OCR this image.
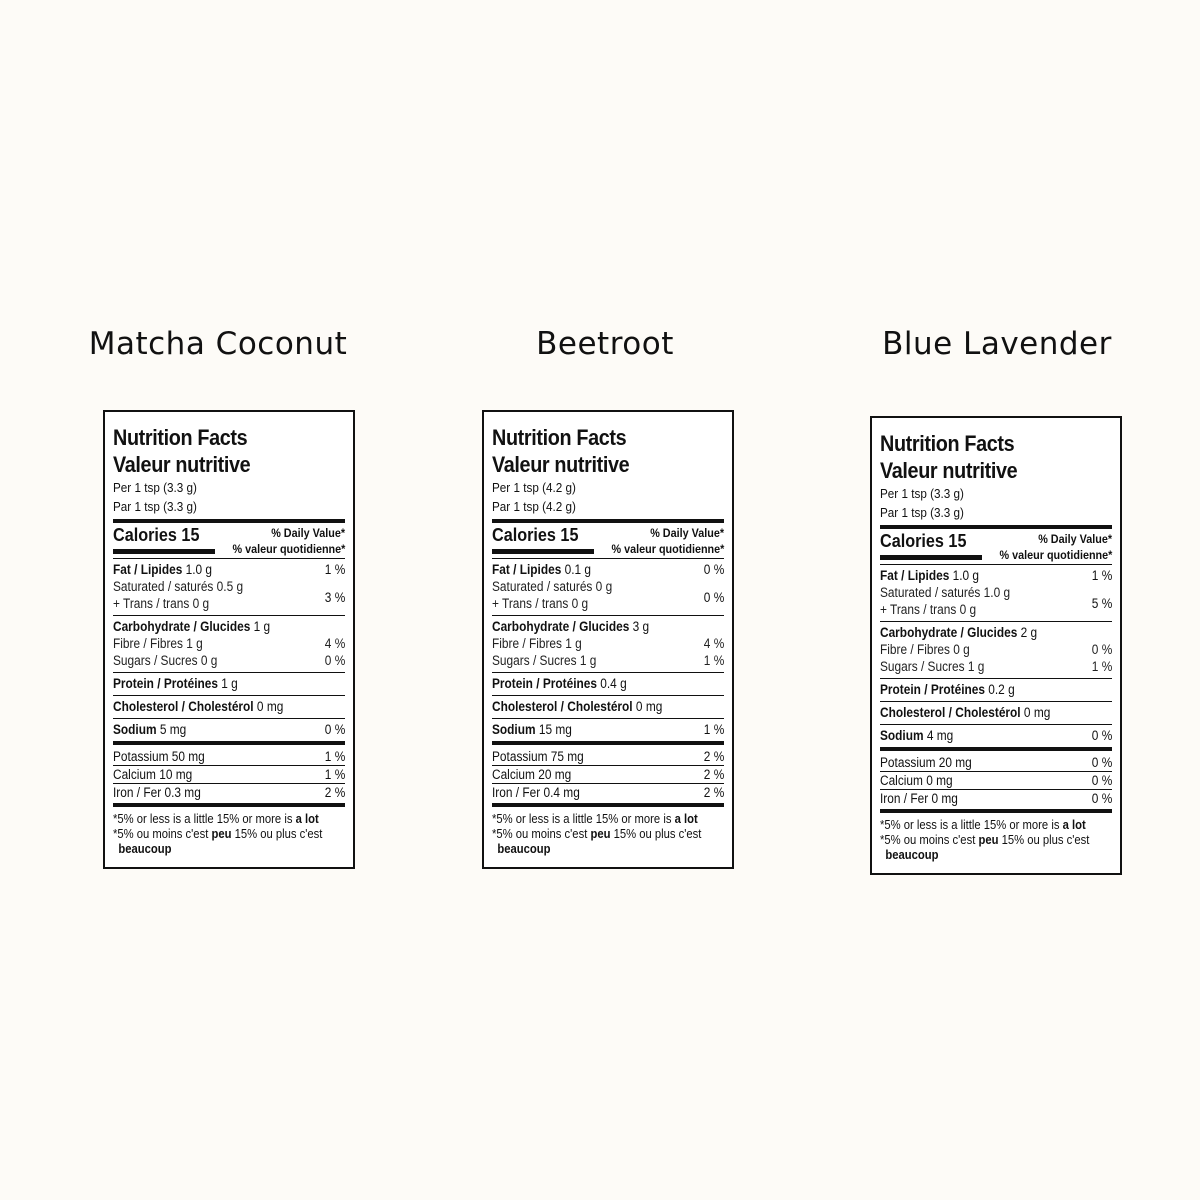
Matcha Coconut
Nutrition Facts
Valeur nutritive
Per 1 tsp (3.3 g)
Par 1 tsp (3.3 g)
Calories 15	% Daily Value*
% valeur quotidienne*
Fat / Lipides 1.0 g	1 %
Saturated / saturés 0.5 g
+ Trans / trans 0 g	3 %
Carbohydrate / Glucides 1 g
Fibre / Fibres 1 g	4 %
Sugars / Sucres 0 g	0 %
Protein / Protéines 1 g
Cholesterol / Cholestérol 0 mg
Sodium 5 mg	0 %
Potassium 50 mg	1 %
Calcium 10 mg	1 %
Iron / Fer 0.3 mg	2 %
*5% or less is a little 15% or more is a lot
*5% ou moins c'est peu 15% ou plus c'est
beaucoup
Beetroot
Nutrition Facts
Valeur nutritive
Per 1 tsp (4.2 g)
Par 1 tsp (4.2 g)
Calories 15	% Daily Value*
% valeur quotidienne*
Fat / Lipides 0.1 g	0 %
Saturated / saturés 0 g
+ Trans / trans 0 g	0 %
Carbohydrate / Glucides 3 g
Fibre / Fibres 1 g	4 %
Sugars / Sucres 1 g	1 %
Protein / Protéines 0.4 g
Cholesterol / Cholestérol 0 mg
Sodium 15 mg	1 %
Potassium 75 mg	2 %
Calcium 20 mg	2 %
Iron / Fer 0.4 mg	2 %
*5% or less is a little 15% or more is a lot
*5% ou moins c'est peu 15% ou plus c'est
beaucoup
Blue Lavender
Nutrition Facts
Valeur nutritive
Per 1 tsp (3.3 g)
Par 1 tsp (3.3 g)
Calories 15	% Daily Value*
% valeur quotidienne*
Fat / Lipides 1.0 g	1 %
Saturated / saturés 1.0 g
+ Trans / trans 0 g	5 %
Carbohydrate / Glucides 2 g
Fibre / Fibres 0 g	0 %
Sugars / Sucres 1 g	1 %
Protein / Protéines 0.2 g
Cholesterol / Cholestérol 0 mg
Sodium 4 mg	0 %
Potassium 20 mg	0 %
Calcium 0 mg	0 %
Iron / Fer 0 mg	0 %
*5% or less is a little 15% or more is a lot
*5% ou moins c'est peu 15% ou plus c'est
beaucoup
